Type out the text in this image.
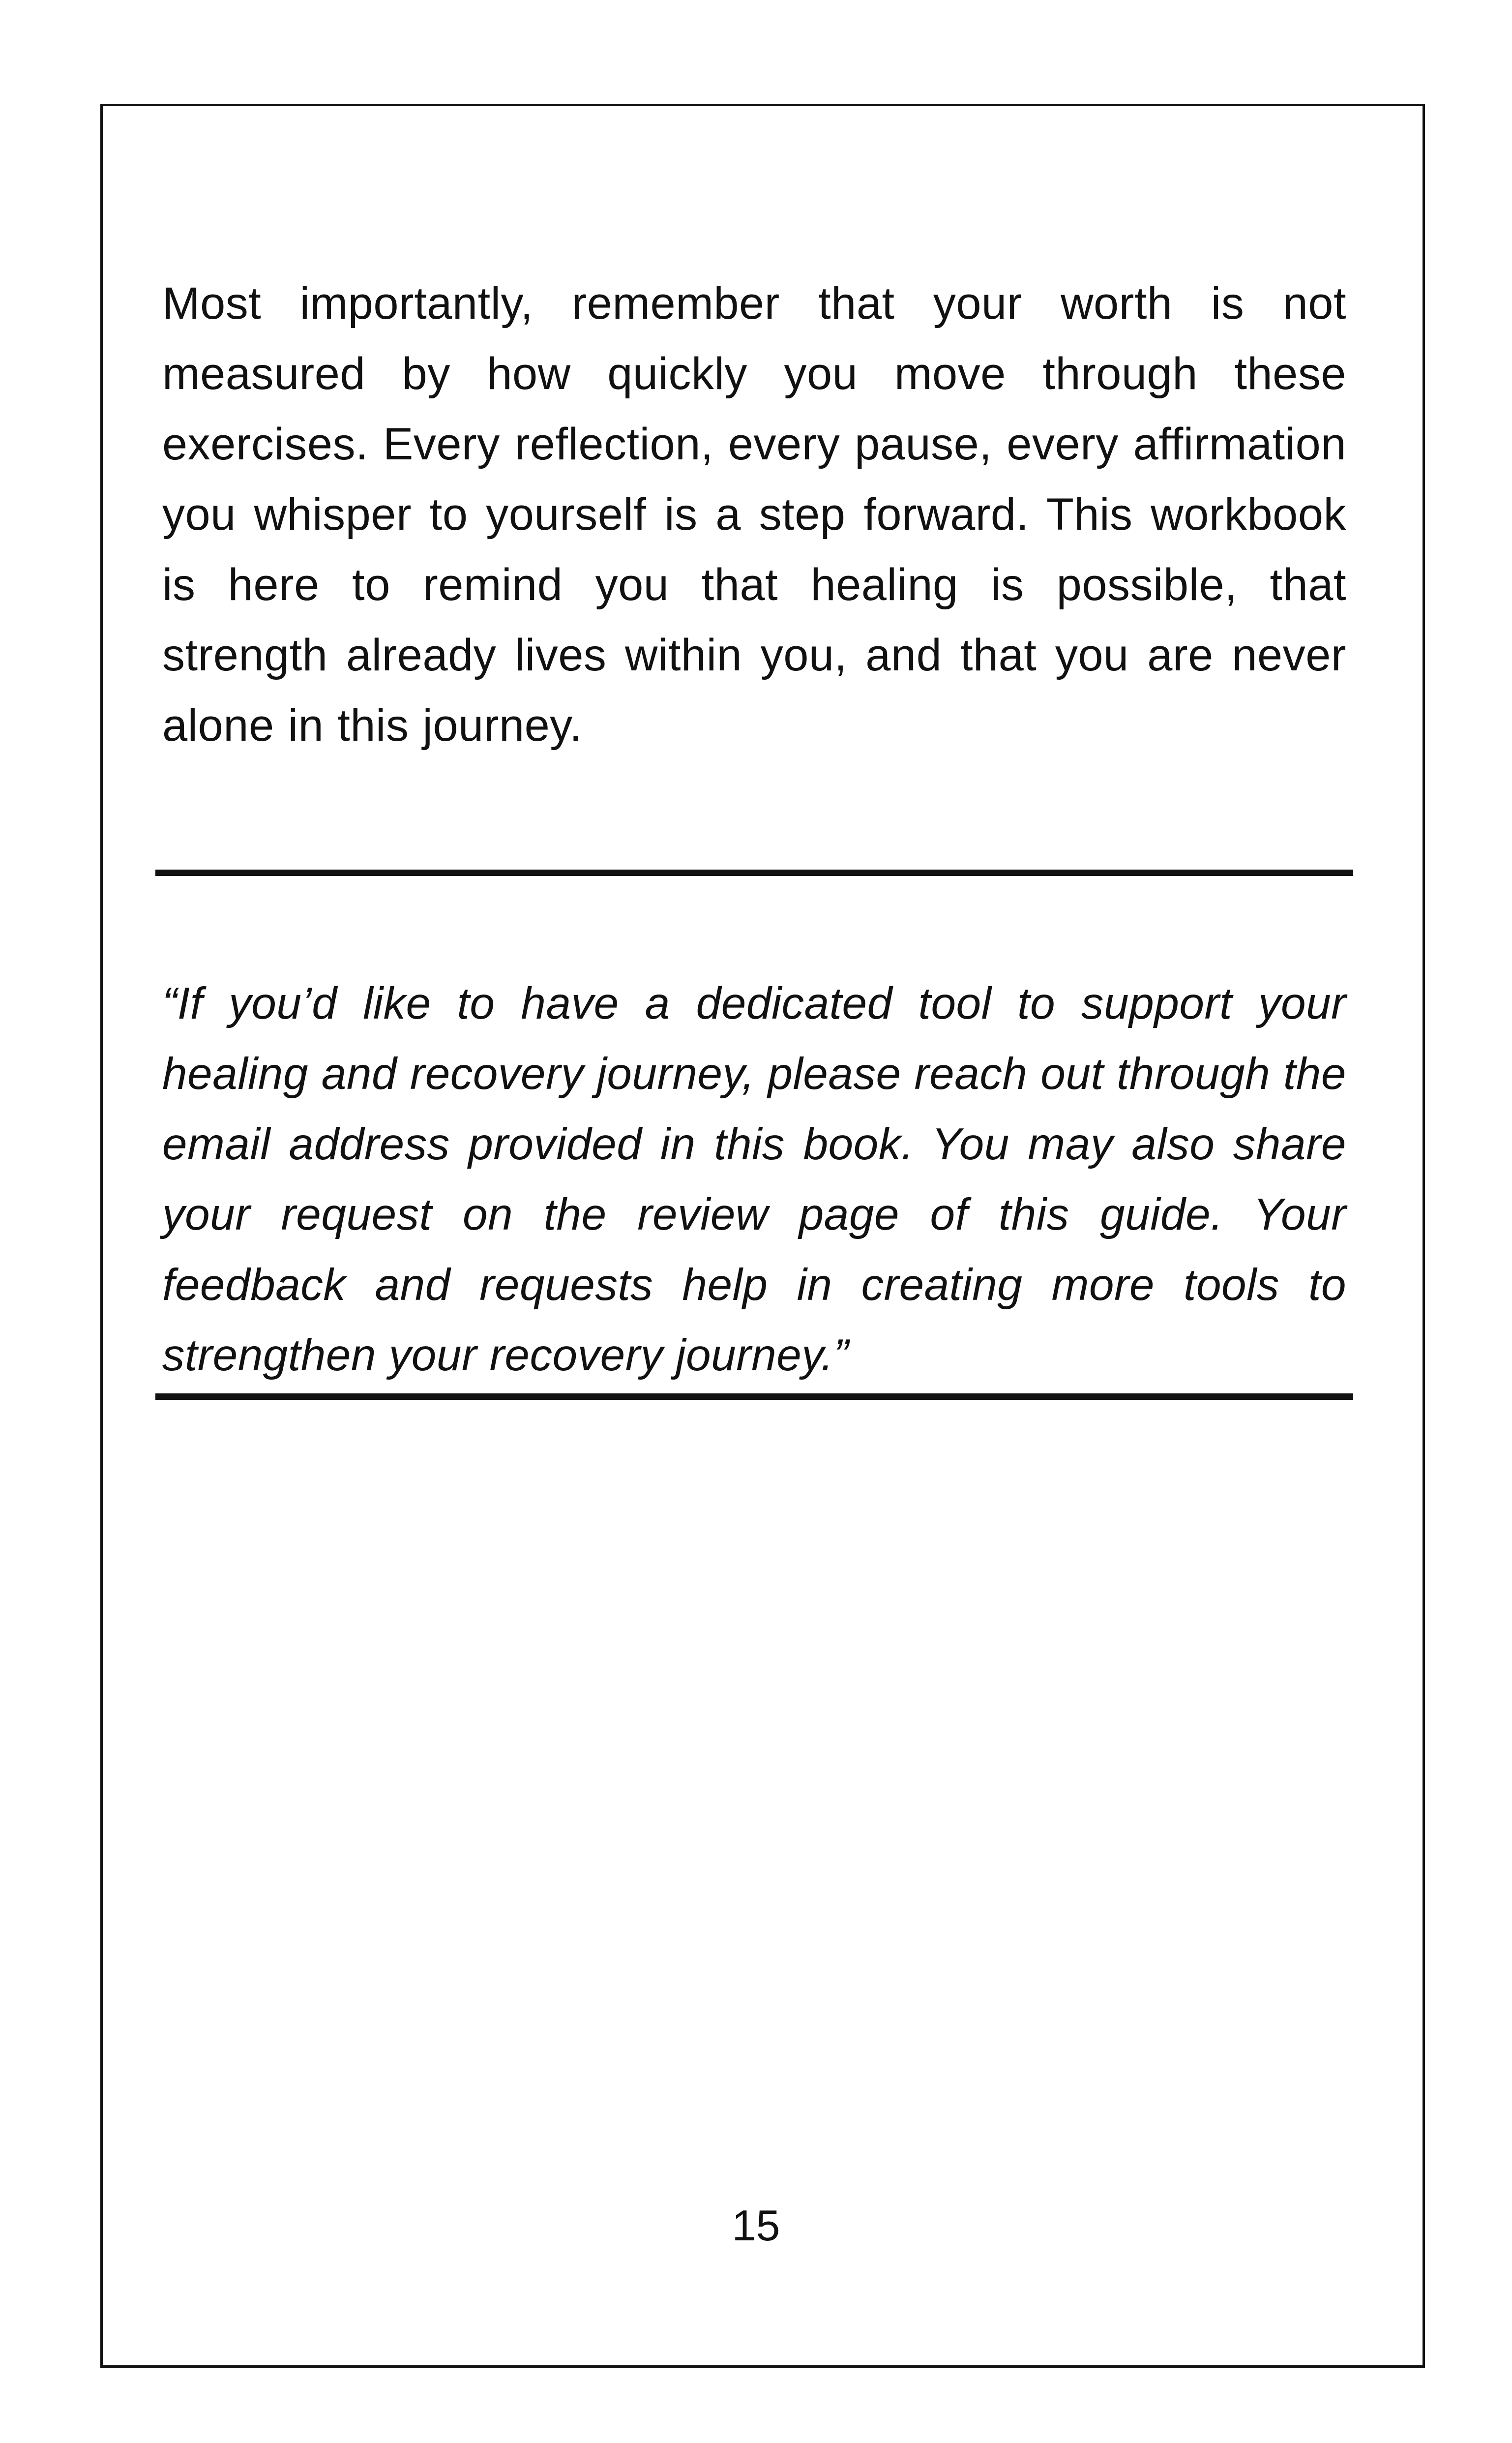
Most importantly, remember that your worth is not measured by how quickly you move through these exercises. Every reflection, every pause, every affirmation you whisper to yourself is a step forward. This workbook is here to remind you that healing is possible, that strength already lives within you, and that you are never alone in this journey.

“If you’d like to have a dedicated tool to support your healing and recovery journey, please reach out through the email address provided in this book. You may also share your request on the review page of this guide. Your feedback and requests help in creating more tools to strengthen your recovery journey.”

15
